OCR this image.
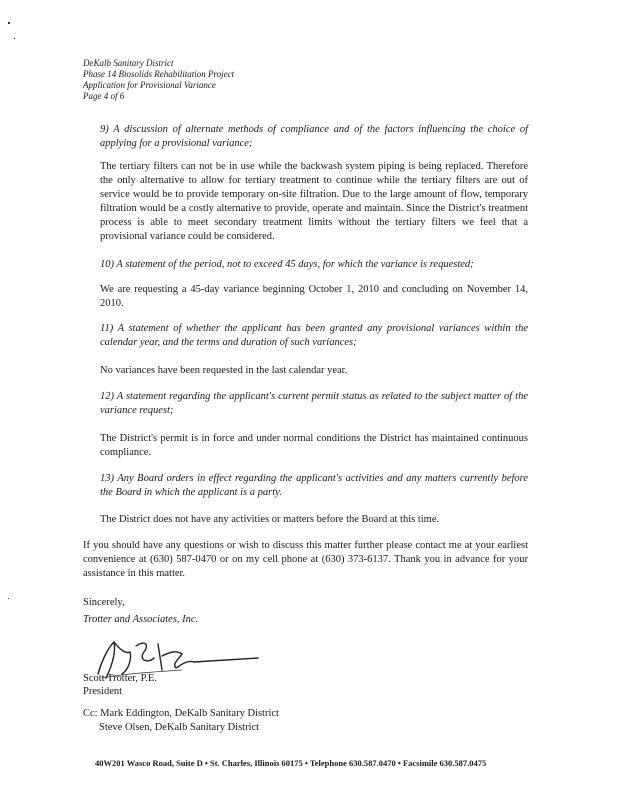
DeKalb Sanitary District
Phase 14 Biosolids Rehabilitation Project
Application for Provisional Variance
Page 4 of 6
9) A discussion of alternate methods of compliance and of the factors influencing the choice of applying for a provisional variance;
The tertiary filters can not be in use while the backwash system piping is being replaced. Therefore the only alternative to allow for tertiary treatment to continue while the tertiary filters are out of service would be to provide temporary on-site filtration. Due to the large amount of flow, temporary filtration would be a costly alternative to provide, operate and maintain. Since the District's treatment process is able to meet secondary treatment limits without the tertiary filters we feel that a provisional variance could be considered.
10) A statement of the period, not to exceed 45 days, for which the variance is requested;
We are requesting a 45-day variance beginning October 1, 2010 and concluding on November 14, 2010.
11) A statement of whether the applicant has been granted any provisional variances within the calendar year, and the terms and duration of such variances;
No variances have been requested in the last calendar year.
12) A statement regarding the applicant's current permit status as related to the subject matter of the variance request;
The District's permit is in force and under normal conditions the District has maintained continuous compliance.
13) Any Board orders in effect regarding the applicant's activities and any matters currently before the Board in which the applicant is a party.
The District does not have any activities or matters before the Board at this time.
If you should have any questions or wish to discuss this matter further please contact me at your earliest convenience at (630) 587-0470 or on my cell phone at (630) 373-6137. Thank you in advance for your assistance in this matter.
Sincerely,
Trotter and Associates, Inc.
Scott Trotter, P.E.
President
Cc: Mark Eddington, DeKalb Sanitary District
Steve Olsen, DeKalb Sanitary District
40W201 Wasco Road, Suite D • St. Charles, Illinois 60175 • Telephone 630.587.0470 • Facsimile 630.587.0475
